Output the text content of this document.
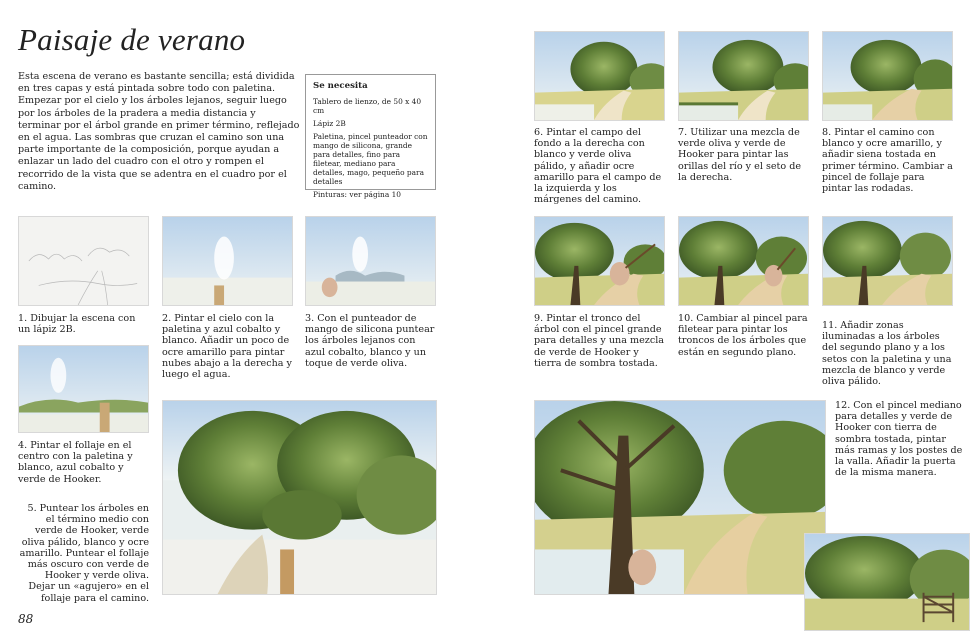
Paisaje de verano
Esta escena de verano es bastante sencilla; está dividida en tres capas y está pintada sobre todo con paletina. Empezar por el cielo y los árboles lejanos, seguir luego por los árboles de la pradera a media distancia y terminar por el árbol grande en primer término, reflejado en el agua. Las sombras que cruzan el camino son una parte importante de la composición, porque ayudan a enlazar un lado del cuadro con el otro y rompen el recorrido de la vista que se adentra en el cuadro por el camino.
Se necesita
Tablero de lienzo, de 50 x 40 cm
Lápiz 2B
Paletina, pincel punteador con mango de silicona, grande para detalles, fino para filetear, mediano para detalles, mago, pequeño para detalles
Pinturas: ver página 10
1. Dibujar la escena con un lápiz 2B.
2. Pintar el cielo con la paletina y azul cobalto y blanco. Añadir un poco de ocre amarillo para pintar nubes abajo a la derecha y luego el agua.
3. Con el punteador de mango de silicona puntear los árboles lejanos con azul cobalto, blanco y un toque de verde oliva.
4. Pintar el follaje en el centro con la paletina y blanco, azul cobalto y verde de Hooker.
5. Puntear los árboles en el término medio con verde de Hooker, verde oliva pálido, blanco y ocre amarillo. Puntear el follaje más oscuro con verde de Hooker y verde oliva. Dejar un «agujero» en el follaje para el camino.
6. Pintar el campo del fondo a la derecha con blanco y verde oliva pálido, y añadir ocre amarillo para el campo de la izquierda y los márgenes del camino.
7. Utilizar una mezcla de verde oliva y verde de Hooker para pintar las orillas del río y el seto de la derecha.
8. Pintar el camino con blanco y ocre amarillo, y añadir siena tostada en primer término. Cambiar a pincel de follaje para pintar las rodadas.
9. Pintar el tronco del árbol con el pincel grande para detalles y una mezcla de verde de Hooker y tierra de sombra tostada.
10. Cambiar al pincel para filetear para pintar los troncos de los árboles que están en segundo plano.
11. Añadir zonas iluminadas a los árboles del segundo plano y a los setos con la paletina y una mezcla de blanco y verde oliva pálido.
12. Con el pincel mediano para detalles y verde de Hooker con tierra de sombra tostada, pintar más ramas y los postes de la valla. Añadir la puerta de la misma manera.
88
